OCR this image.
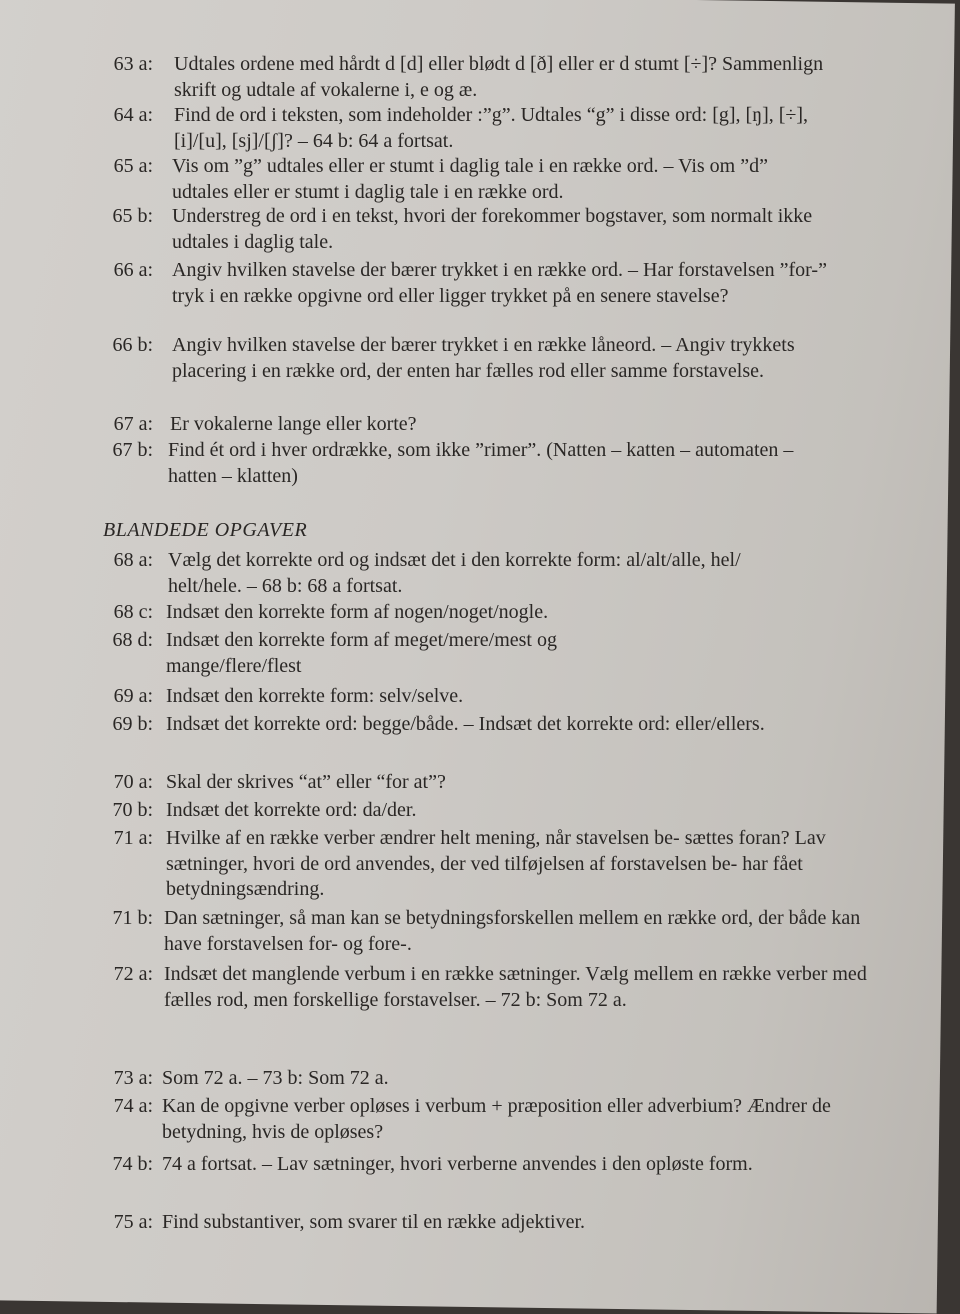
63 a: Udtales ordene med hårdt d [d] eller blødt d [ð] eller er d stumt [÷]? Sammenlign skrift og udtale af vokalerne i, e og æ.
64 a: Find de ord i teksten, som indeholder :”g”. Udtales “g” i disse ord: [g], [ŋ], [÷], [i]/[u], [sj]/[ʃ]? – 64 b: 64 a fortsat.
65 a: Vis om ”g” udtales eller er stumt i daglig tale i en række ord. – Vis om ”d” udtales eller er stumt i daglig tale i en række ord.
65 b: Understreg de ord i en tekst, hvori der forekommer bogstaver, som normalt ikke udtales i daglig tale.
66 a: Angiv hvilken stavelse der bærer trykket i en række ord. – Har forstavelsen ”for-” tryk i en række opgivne ord eller ligger trykket på en senere stavelse?
66 b: Angiv hvilken stavelse der bærer trykket i en række låneord. – Angiv trykkets placering i en række ord, der enten har fælles rod eller samme forstavelse.
67 a: Er vokalerne lange eller korte?
67 b: Find ét ord i hver ordrække, som ikke ”rimer”. (Natten – katten – automaten – hatten – klatten)
BLANDEDE OPGAVER
68 a: Vælg det korrekte ord og indsæt det i den korrekte form: al/alt/alle, hel/ helt/hele. – 68 b: 68 a fortsat.
68 c: Indsæt den korrekte form af nogen/noget/nogle.
68 d: Indsæt den korrekte form af meget/mere/mest og mange/flere/flest
69 a: Indsæt den korrekte form: selv/selve.
69 b: Indsæt det korrekte ord: begge/både. – Indsæt det korrekte ord: eller/ellers.
70 a: Skal der skrives “at” eller “for at”?
70 b: Indsæt det korrekte ord: da/der.
71 a: Hvilke af en række verber ændrer helt mening, når stavelsen be- sættes foran? Lav sætninger, hvori de ord anvendes, der ved tilføjelsen af forstavelsen be- har fået betydningsændring.
71 b: Dan sætninger, så man kan se betydningsforskellen mellem en række ord, der både kan have forstavelsen for- og fore-.
72 a: Indsæt det manglende verbum i en række sætninger. Vælg mellem en række verber med fælles rod, men forskellige forstavelser. – 72 b: Som 72 a.
73 a: Som 72 a. – 73 b: Som 72 a.
74 a: Kan de opgivne verber opløses i verbum + præposition eller adverbium? Ændrer de betydning, hvis de opløses?
74 b: 74 a fortsat. – Lav sætninger, hvori verberne anvendes i den opløste form.
75 a: Find substantiver, som svarer til en række adjektiver.
